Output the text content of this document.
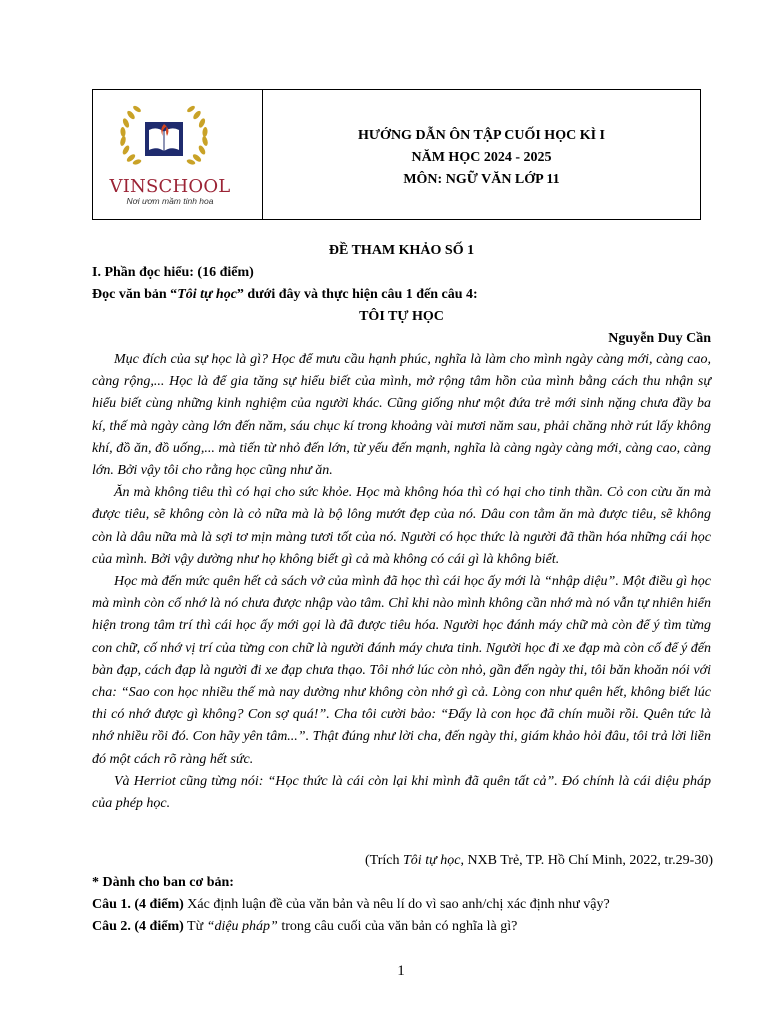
VINSCHOOL
Nơi ươm mầm tinh hoa
HƯỚNG DẪN ÔN TẬP CUỐI HỌC KÌ I
NĂM HỌC 2024 - 2025
MÔN: NGỮ VĂN LỚP 11
ĐỀ THAM KHẢO SỐ 1
I. Phần đọc hiểu: (16 điểm)
Đọc văn bản “Tôi tự học” dưới đây và thực hiện câu 1 đến câu 4:
TÔI TỰ HỌC
Nguyễn Duy Cần

Mục đích của sự học là gì? Học để mưu cầu hạnh phúc, nghĩa là làm cho mình ngày càng mới, càng cao, càng rộng,... Học là để gia tăng sự hiểu biết của mình, mở rộng tâm hồn của mình bằng cách thu nhận sự hiểu biết cùng những kinh nghiệm của người khác. Cũng giống như một đứa trẻ mới sinh nặng chưa đầy ba kí, thế mà ngày càng lớn đến năm, sáu chục kí trong khoảng vài mươi năm sau, phải chăng nhờ rút lấy không khí, đồ ăn, đồ uống,... mà tiến từ nhỏ đến lớn, từ yếu đến mạnh, nghĩa là càng ngày càng mới, càng cao, càng lớn. Bởi vậy tôi cho rằng học cũng như ăn.

Ăn mà không tiêu thì có hại cho sức khỏe. Học mà không hóa thì có hại cho tinh thần. Cỏ con cừu ăn mà được tiêu, sẽ không còn là cỏ nữa mà là bộ lông mướt đẹp của nó. Dâu con tằm ăn mà được tiêu, sẽ không còn là dâu nữa mà là sợi tơ mịn màng tươi tốt của nó. Người có học thức là người đã thần hóa những cái học của mình. Bởi vậy dường như họ không biết gì cả mà không có cái gì là không biết.

Học mà đến mức quên hết cả sách vở của mình đã học thì cái học ấy mới là “nhập diệu”. Một điều gì học mà mình còn cố nhớ là nó chưa được nhập vào tâm. Chỉ khi nào mình không cần nhớ mà nó vẫn tự nhiên hiển hiện trong tâm trí thì cái học ấy mới gọi là đã được tiêu hóa. Người học đánh máy chữ mà còn để ý tìm từng con chữ, cố nhớ vị trí của từng con chữ là người đánh máy chưa tinh. Người học đi xe đạp mà còn cố để ý đến bàn đạp, cách đạp là người đi xe đạp chưa thạo. Tôi nhớ lúc còn nhỏ, gần đến ngày thi, tôi băn khoăn nói với cha: “Sao con học nhiều thế mà nay dường như không còn nhớ gì cả. Lòng con như quên hết, không biết lúc thi có nhớ được gì không? Con sợ quá!”. Cha tôi cười bảo: “Đấy là con học đã chín muồi rồi. Quên tức là nhớ nhiều rồi đó. Con hãy yên tâm...”. Thật đúng như lời cha, đến ngày thi, giám khảo hỏi đâu, tôi trả lời liền đó một cách rõ ràng hết sức.

Và Herriot cũng từng nói: “Học thức là cái còn lại khi mình đã quên tất cả”. Đó chính là cái diệu pháp của phép học.

(Trích Tôi tự học, NXB Trẻ, TP. Hồ Chí Minh, 2022, tr.29-30)
* Dành cho ban cơ bản:
Câu 1. (4 điểm) Xác định luận đề của văn bản và nêu lí do vì sao anh/chị xác định như vậy?
Câu 2. (4 điểm) Từ “diệu pháp” trong câu cuối của văn bản có nghĩa là gì?
1
